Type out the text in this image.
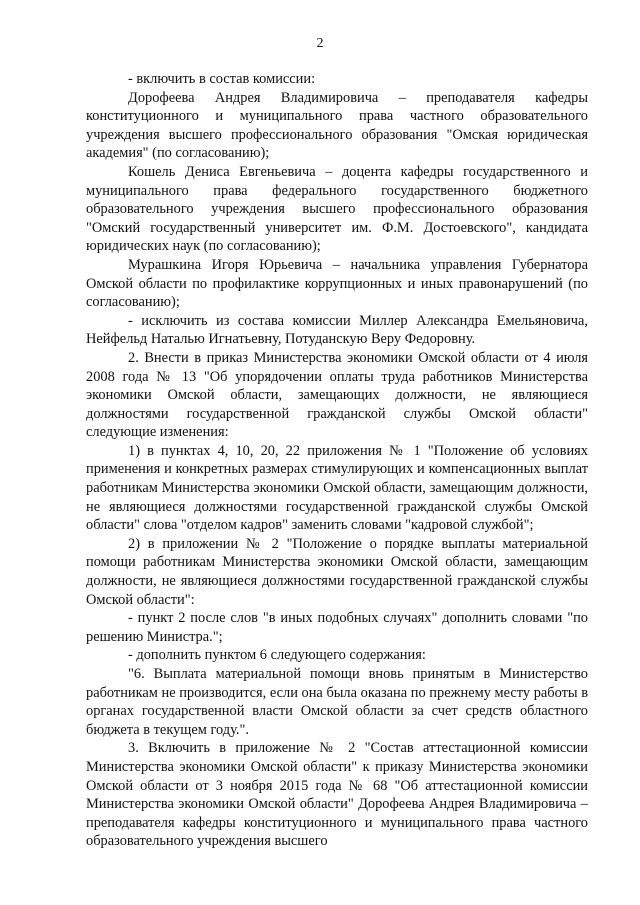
2

- включить в состав комиссии:

Дорофеева Андрея Владимировича – преподавателя кафедры конституционного и муниципального права частного образовательного учреждения высшего профессионального образования "Омская юридическая академия" (по согласованию);

Кошель Дениса Евгеньевича – доцента кафедры государственного и муниципального права федерального государственного бюджетного образовательного учреждения высшего профессионального образования "Омский государственный университет им. Ф.М. Достоевского", кандидата юридических наук (по согласованию);

Мурашкина Игоря Юрьевича – начальника управления Губернатора Омской области по профилактике коррупционных и иных правонарушений (по согласованию);

- исключить из состава комиссии Миллер Александра Емельяновича, Нейфельд Наталью Игнатьевну, Потуданскую Веру Федоровну.

2. Внести в приказ Министерства экономики Омской области от 4 июля 2008 года № 13 "Об упорядочении оплаты труда работников Министерства экономики Омской области, замещающих должности, не являющиеся должностями государственной гражданской службы Омской области" следующие изменения:

1) в пунктах 4, 10, 20, 22 приложения № 1 "Положение об условиях применения и конкретных размерах стимулирующих и компенсационных выплат работникам Министерства экономики Омской области, замещающим должности, не являющиеся должностями государственной гражданской службы Омской области" слова "отделом кадров" заменить словами "кадровой службой";

2) в приложении № 2 "Положение о порядке выплаты материальной помощи работникам Министерства экономики Омской области, замещающим должности, не являющиеся должностями государственной гражданской службы Омской области":

- пункт 2 после слов "в иных подобных случаях" дополнить словами "по решению Министра.";

- дополнить пунктом 6 следующего содержания:

"6. Выплата материальной помощи вновь принятым в Министерство работникам не производится, если она была оказана по прежнему месту работы в органах государственной власти Омской области за счет средств областного бюджета в текущем году.".

3. Включить в приложение № 2 "Состав аттестационной комиссии Министерства экономики Омской области" к приказу Министерства экономики Омской области от 3 ноября 2015 года № 68 "Об аттестационной комиссии Министерства экономики Омской области" Дорофеева Андрея Владимировича – преподавателя кафедры конституционного и муниципального права частного образовательного учреждения высшего
